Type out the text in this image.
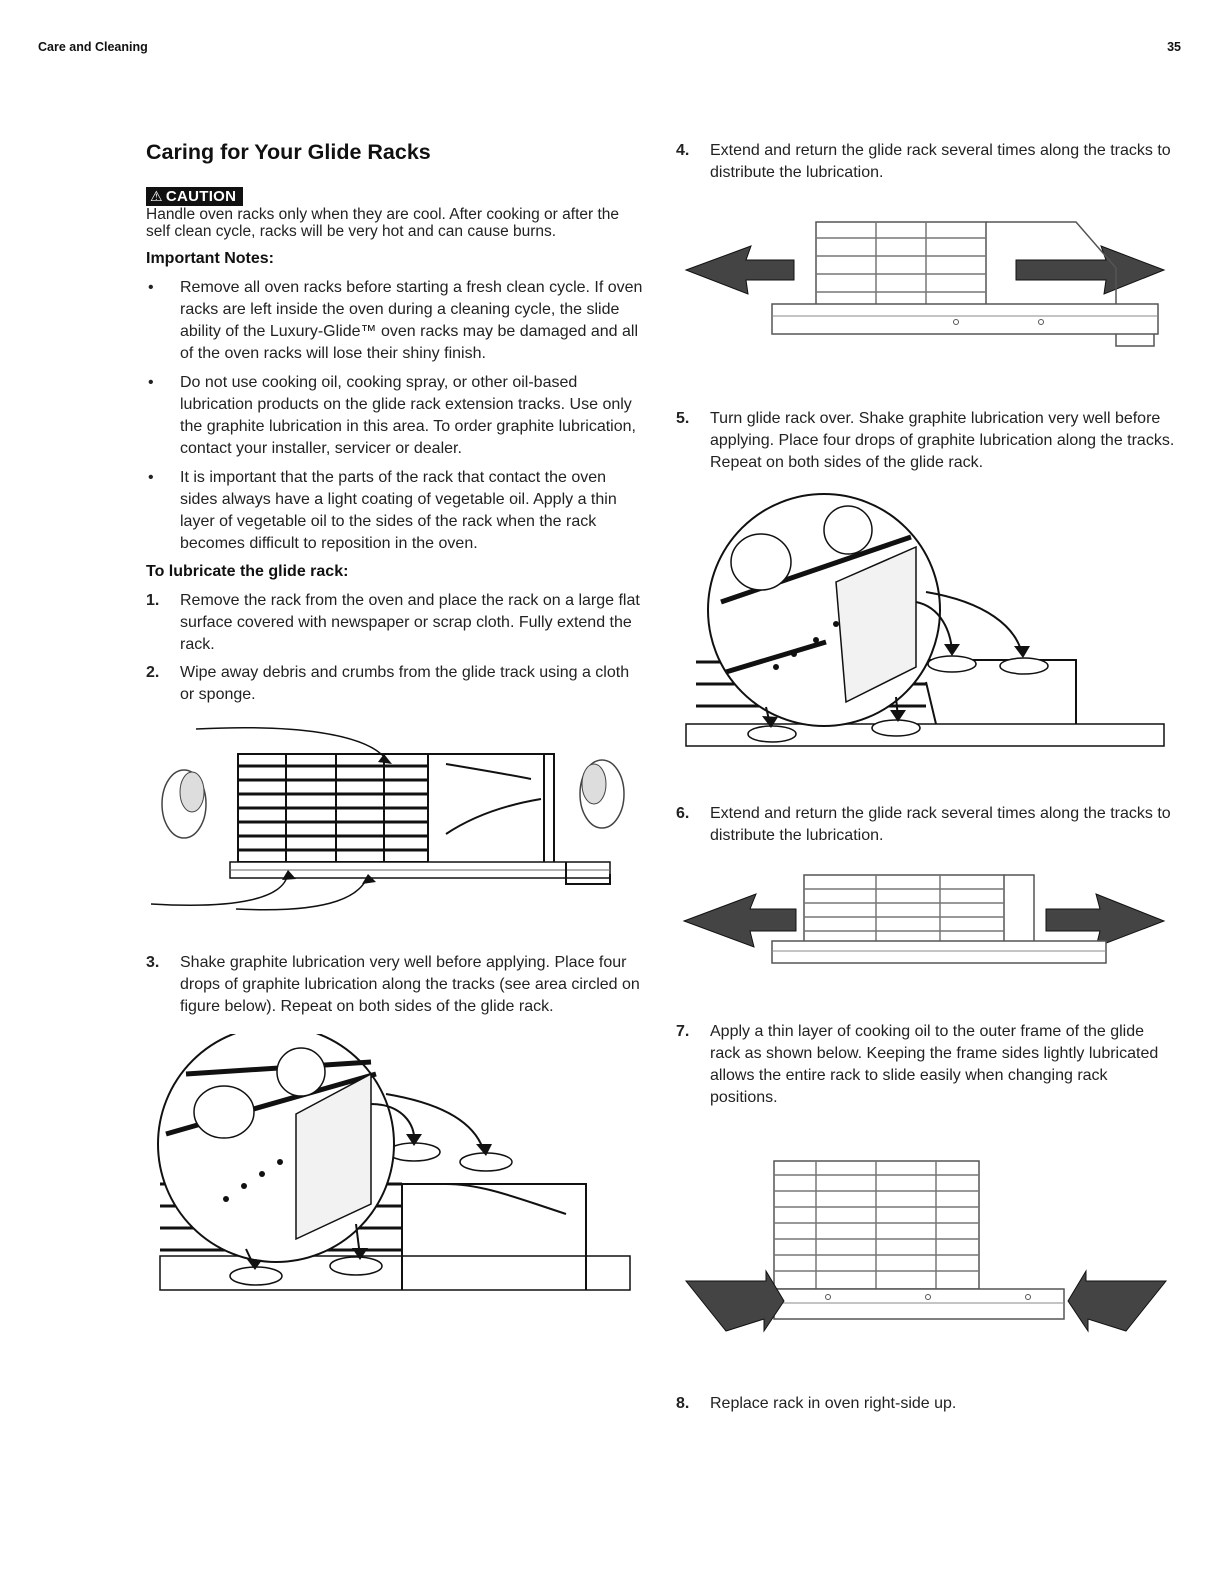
Care and Cleaning	35
Caring for Your Glide Racks
⚠ CAUTION

Handle oven racks only when they are cool. After cooking or after the self clean cycle, racks will be very hot and can cause burns.

Important Notes:
• Remove all oven racks before starting a fresh clean cycle. If oven racks are left inside the oven during a cleaning cycle, the slide ability of the Luxury-Glide™ oven racks may be damaged and all of the oven racks will lose their shiny finish.
• Do not use cooking oil, cooking spray, or other oil-based lubrication products on the glide rack extension tracks. Use only the graphite lubrication in this area. To order graphite lubrication, contact your installer, servicer or dealer.
• It is important that the parts of the rack that contact the oven sides always have a light coating of vegetable oil. Apply a thin layer of vegetable oil to the sides of the rack when the rack becomes difficult to reposition in the oven.
To lubricate the glide rack:
1. Remove the rack from the oven and place the rack on a large flat surface covered with newspaper or scrap cloth. Fully extend the rack.
2. Wipe away debris and crumbs from the glide track using a cloth or sponge.
3. Shake graphite lubrication very well before applying. Place four drops of graphite lubrication along the tracks (see area circled on figure below). Repeat on both sides of the glide rack.
4. Extend and return the glide rack several times along the tracks to distribute the lubrication.
5. Turn glide rack over. Shake graphite lubrication very well before applying. Place four drops of graphite lubrication along the tracks. Repeat on both sides of the glide rack.
6. Extend and return the glide rack several times along the tracks to distribute the lubrication.
7. Apply a thin layer of cooking oil to the outer frame of the glide rack as shown below. Keeping the frame sides lightly lubricated allows the entire rack to slide easily when changing rack positions.
8. Replace rack in oven right-side up.
